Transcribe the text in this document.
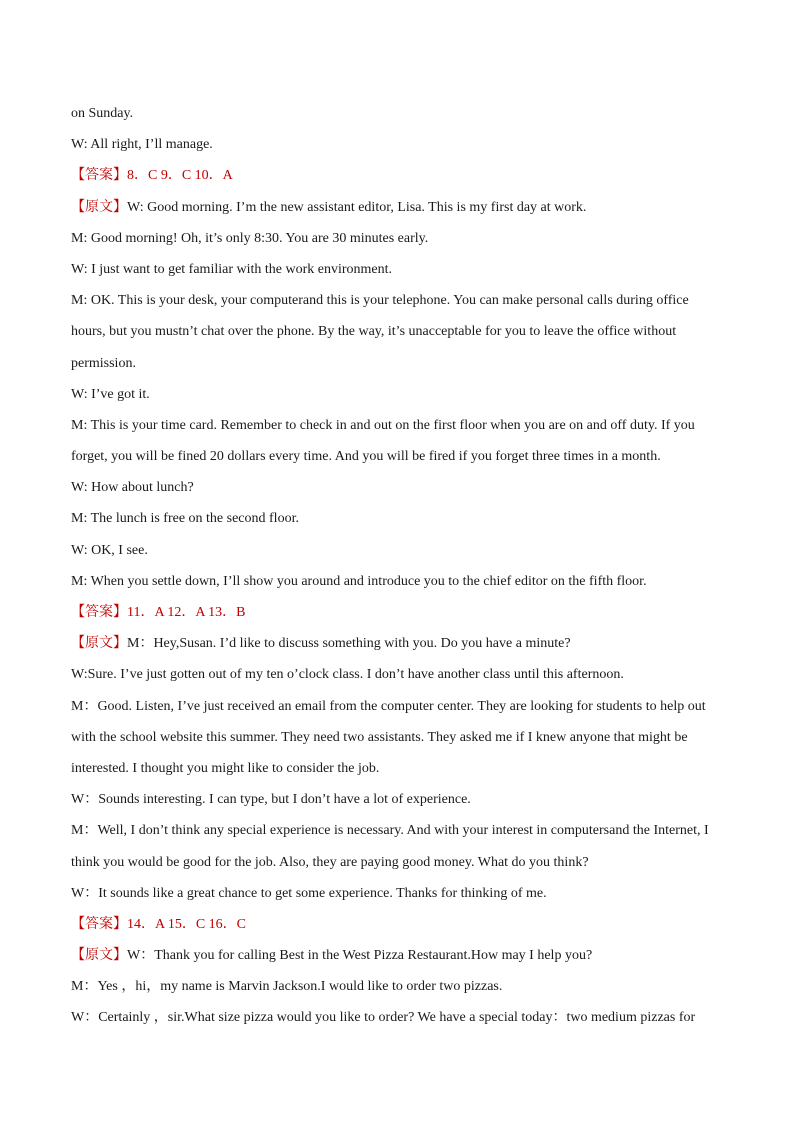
on Sunday.
W: All right, I’ll manage.
【答案】8．C 9．C 10．A
【原文】W: Good morning. I’m the new assistant editor, Lisa. This is my first day at work.
M: Good morning! Oh, it’s only 8:30. You are 30 minutes early.
W: I just want to get familiar with the work environment.
M: OK. This is your desk, your computerand this is your telephone. You can make personal calls during office
hours, but you mustn’t chat over the phone. By the way, it’s unacceptable for you to leave the office without
permission.
W: I’ve got it.
M: This is your time card. Remember to check in and out on the first floor when you are on and off duty. If you
forget, you will be fined 20 dollars every time. And you will be fired if you forget three times in a month.
W: How about lunch?
M: The lunch is free on the second floor.
W: OK, I see.
M: When you settle down, I’ll show you around and introduce you to the chief editor on the fifth floor.
【答案】11．A 12．A 13．B
【原文】M：Hey,Susan. I’d like to discuss something with you. Do you have a minute?
W:Sure. I’ve just gotten out of my ten o’clock class. I don’t have another class until this afternoon.
M：Good. Listen, I’ve just received an email from the computer center. They are looking for students to help out
with the school website this summer. They need two assistants. They asked me if I knew anyone that might be
interested. I thought you might like to consider the job.
W：Sounds interesting. I can type, but I don’t have a lot of experience.
M：Well, I don’t think any special experience is necessary. And with your interest in computersand the Internet, I
think you would be good for the job. Also, they are paying good money. What do you think?
W：It sounds like a great chance to get some experience. Thanks for thinking of me.
【答案】14．A 15．C 16．C
【原文】W：Thank you for calling Best in the West Pizza Restaurant.How may I help you?
M：Yes ，hi，my name is Marvin Jackson.I would like to order two pizzas.
W：Certainly ，sir.What size pizza would you like to order? We have a special today：two medium pizzas for
